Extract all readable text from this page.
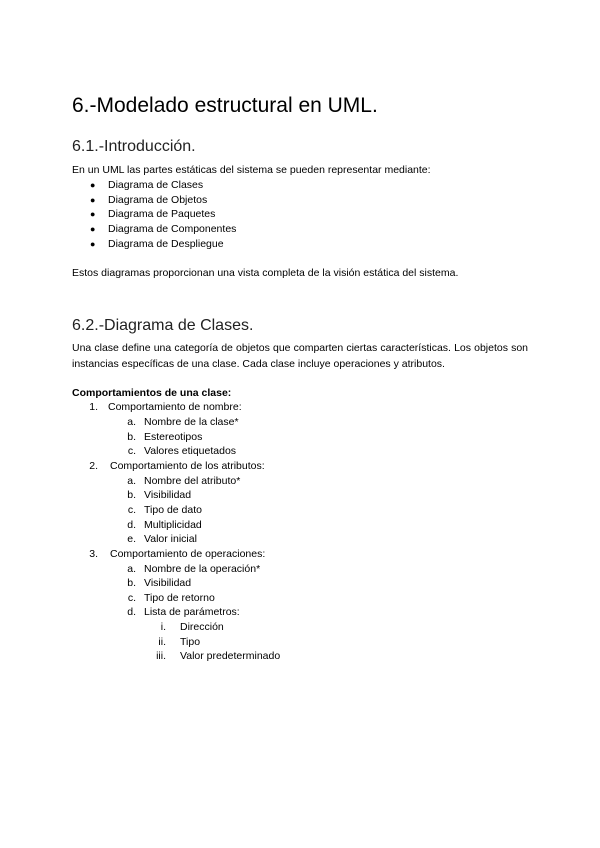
6.-Modelado estructural en UML.
6.1.-Introducción.
En un UML las partes estáticas del sistema se pueden representar mediante:
● Diagrama de Clases
● Diagrama de Objetos
● Diagrama de Paquetes
● Diagrama de Componentes
● Diagrama de Despliegue
Estos diagramas proporcionan una vista completa de la visión estática del sistema.
6.2.-Diagrama de Clases.
Una clase define una categoría de objetos que comparten ciertas características. Los objetos son instancias específicas de una clase. Cada clase incluye operaciones y atributos.
Comportamientos de una clase:
1. Comportamiento de nombre:
a. Nombre de la clase*
b. Estereotipos
c. Valores etiquetados
2. Comportamiento de los atributos:
a. Nombre del atributo*
b. Visibilidad
c. Tipo de dato
d. Multiplicidad
e. Valor inicial
3. Comportamiento de operaciones:
a. Nombre de la operación*
b. Visibilidad
c. Tipo de retorno
d. Lista de parámetros:
i. Dirección
ii. Tipo
iii. Valor predeterminado
